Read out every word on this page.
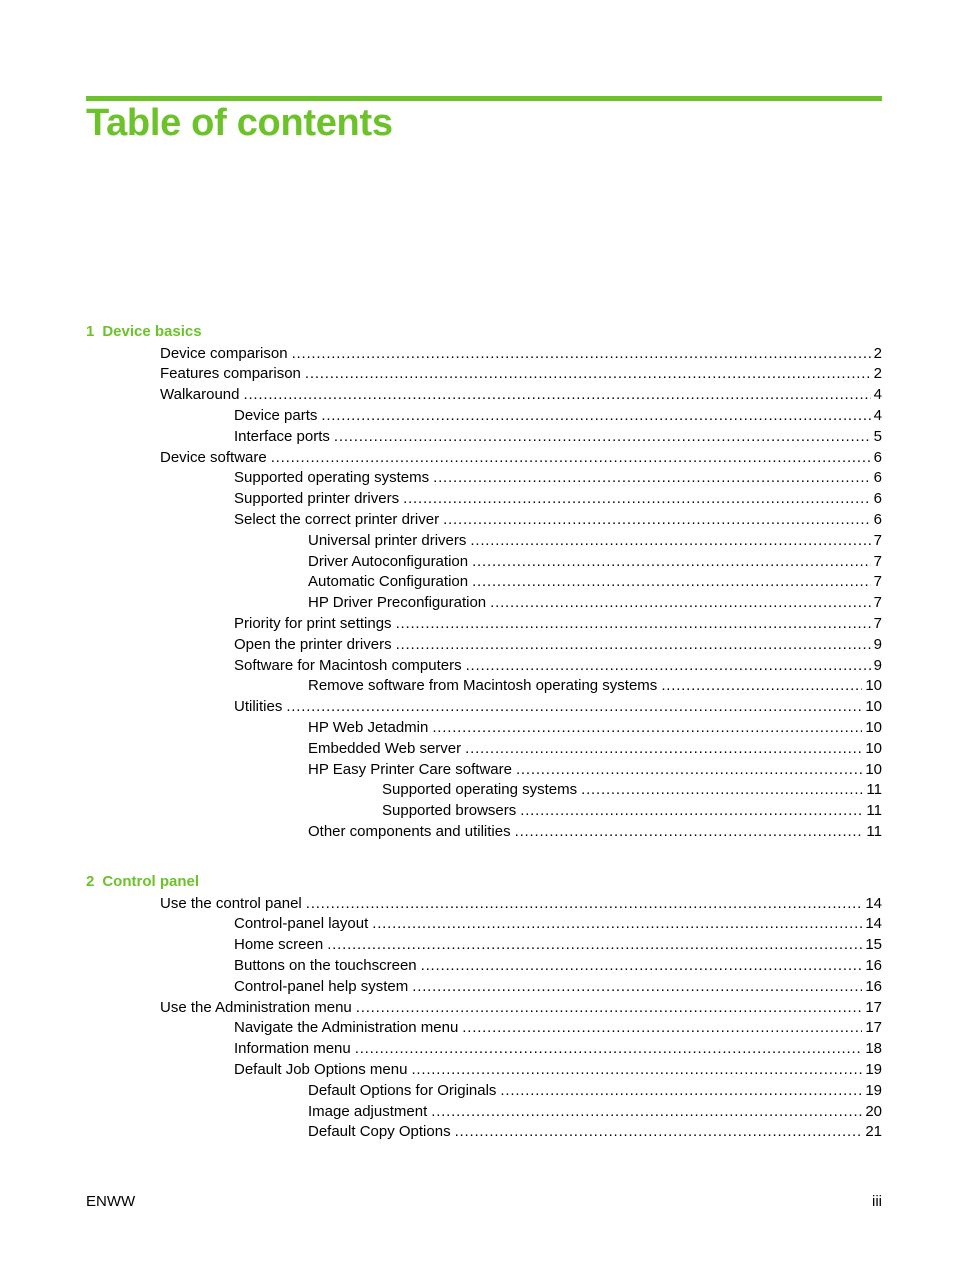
Table of contents
1 Device basics
Device comparison .....	2
Features comparison .....	2
Walkaround .....	4
Device parts .....	4
Interface ports .....	5
Device software .....	6
Supported operating systems .....	6
Supported printer drivers .....	6
Select the correct printer driver .....	6
Universal printer drivers .....	7
Driver Autoconfiguration .....	7
Automatic Configuration .....	7
HP Driver Preconfiguration .....	7
Priority for print settings .....	7
Open the printer drivers .....	9
Software for Macintosh computers .....	9
Remove software from Macintosh operating systems .....	10
Utilities .....	10
HP Web Jetadmin .....	10
Embedded Web server .....	10
HP Easy Printer Care software .....	10
Supported operating systems .....	11
Supported browsers .....	11
Other components and utilities .....	11
2 Control panel
Use the control panel .....	14
Control-panel layout .....	14
Home screen .....	15
Buttons on the touchscreen .....	16
Control-panel help system .....	16
Use the Administration menu .....	17
Navigate the Administration menu .....	17
Information menu .....	18
Default Job Options menu .....	19
Default Options for Originals .....	19
Image adjustment .....	20
Default Copy Options .....	21
ENWW	iii
